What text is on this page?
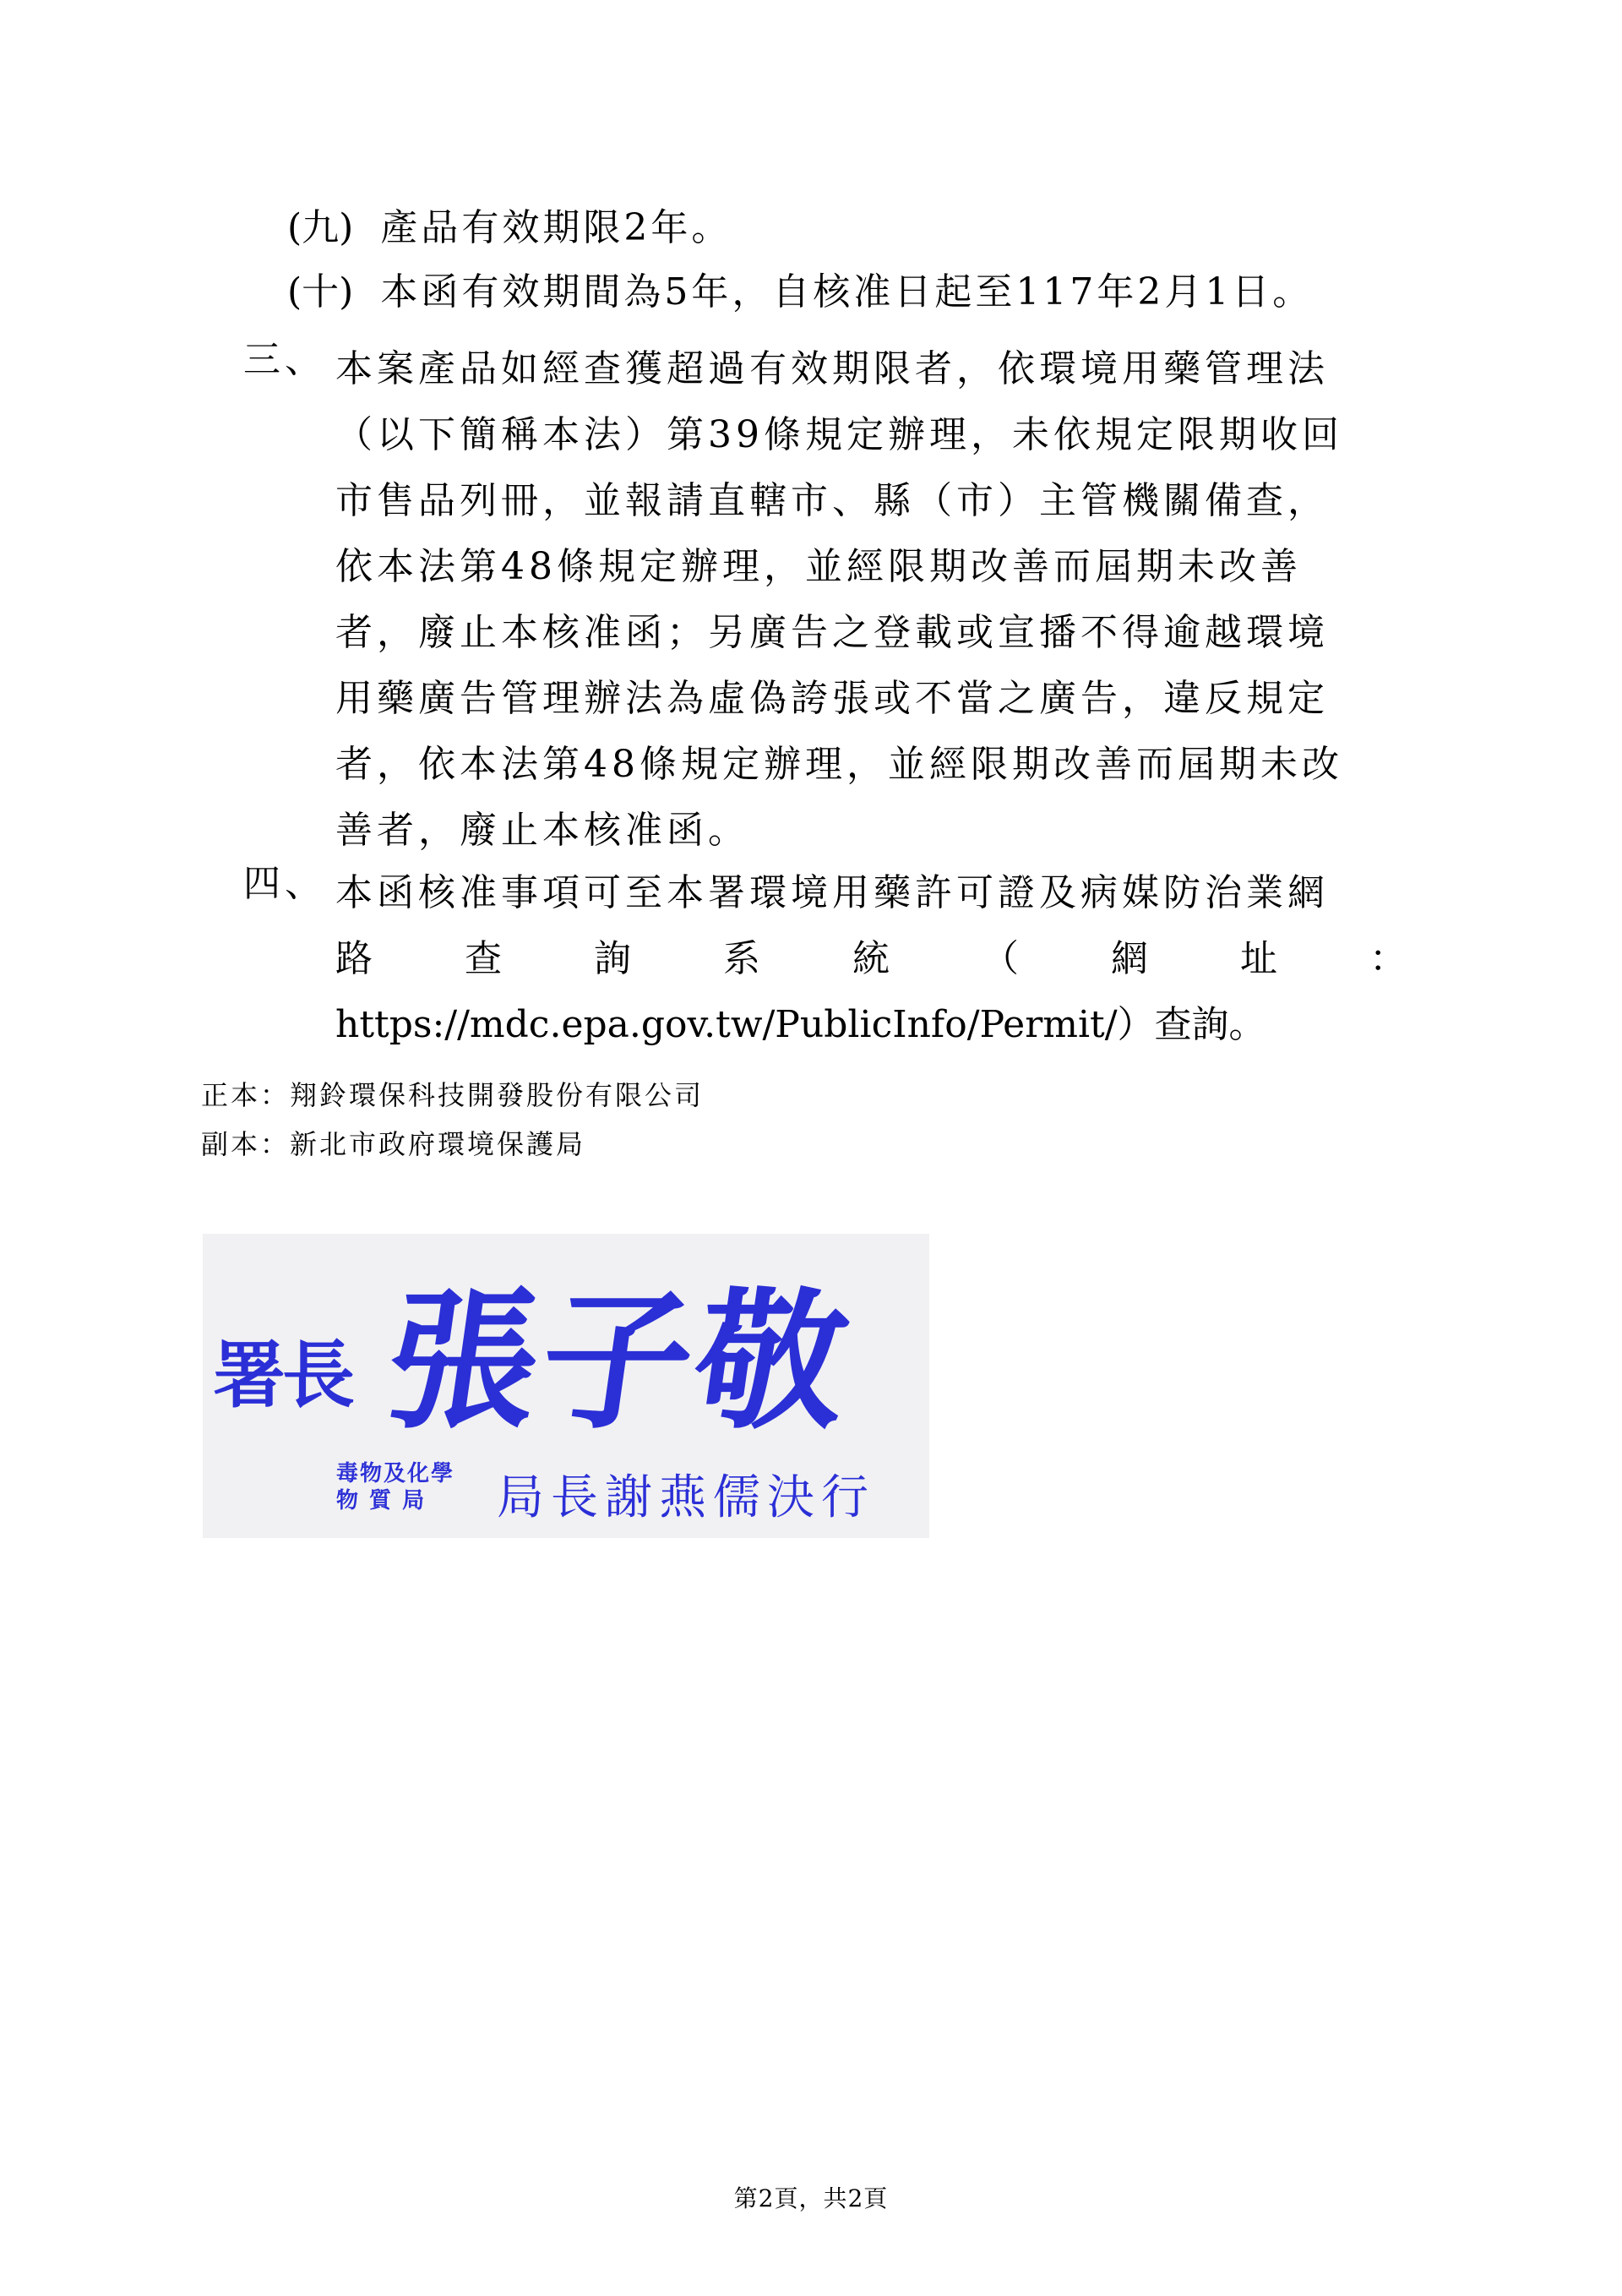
(九) 產品有效期限2年。
(十) 本函有效期間為5年，自核准日起至117年2月1日。
三、 本案產品如經查獲超過有效期限者，依環境用藥管理法
（以下簡稱本法）第39條規定辦理，未依規定限期收回
市售品列冊，並報請直轄市、縣（市）主管機關備查，
依本法第48條規定辦理，並經限期改善而屆期未改善
者，廢止本核准函；另廣告之登載或宣播不得逾越環境
用藥廣告管理辦法為虛偽誇張或不當之廣告，違反規定
者，依本法第48條規定辦理，並經限期改善而屆期未改
善者，廢止本核准函。
四、 本函核准事項可至本署環境用藥許可證及病媒防治業網
路 查 詢 系 統 （ 網 址 ：
https://mdc.epa.gov.tw/PublicInfo/Permit/）查詢。
正本：翔鈴環保科技開發股份有限公司
副本：新北市政府環境保護局
署長 張子敬
毒物及化學
物 質 局	局長謝燕儒決行
第2頁，共2頁
